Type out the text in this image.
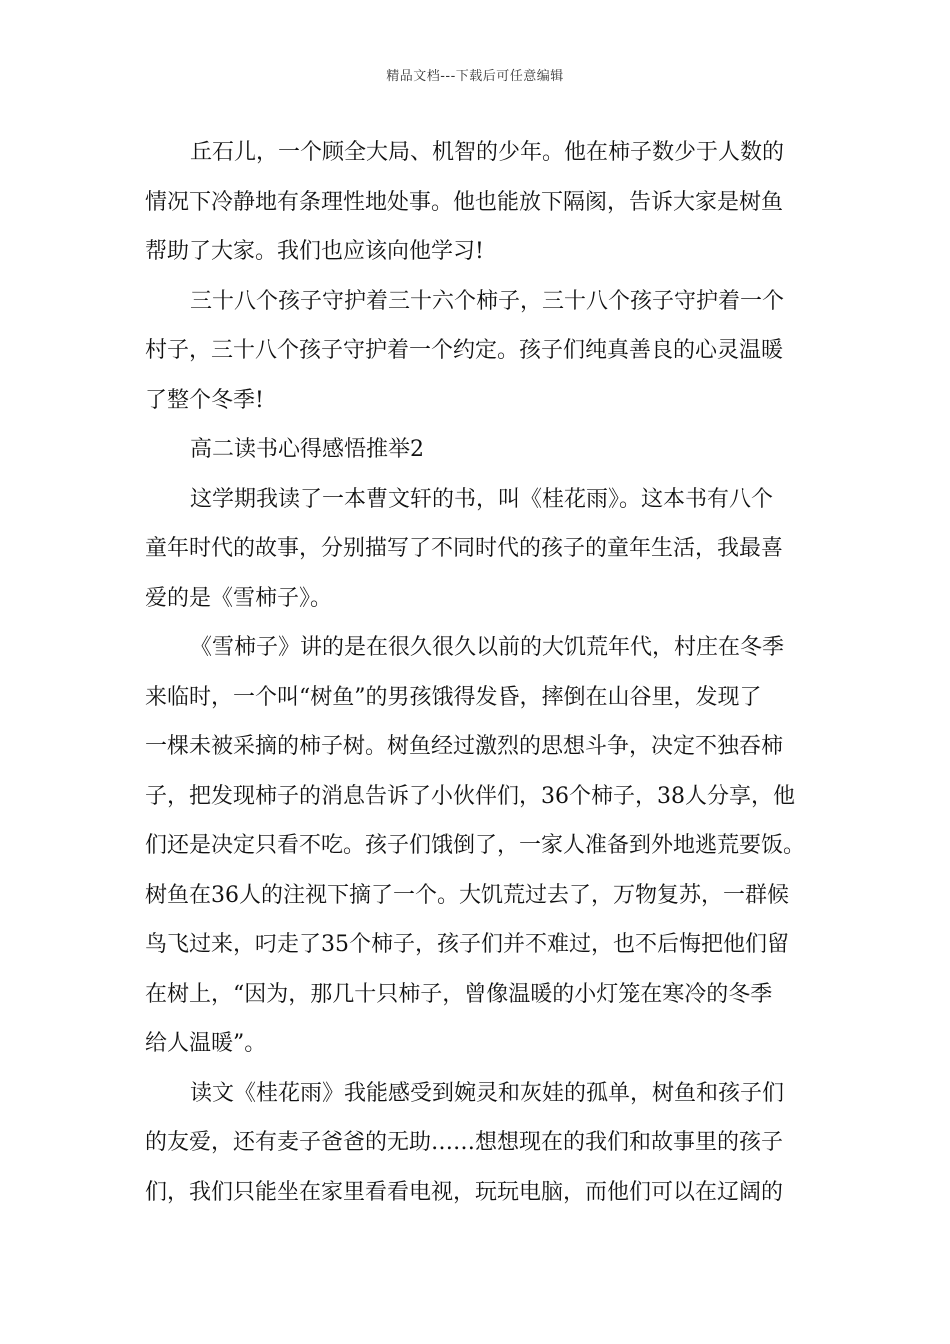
精品文档---下载后可任意编辑
丘石儿，一个顾全大局、机智的少年。他在柿子数少于人数的
情况下冷静地有条理性地处事。他也能放下隔阂，告诉大家是树鱼
帮助了大家。我们也应该向他学习!
三十八个孩子守护着三十六个柿子，三十八个孩子守护着一个
村子，三十八个孩子守护着一个约定。孩子们纯真善良的心灵温暖
了整个冬季!
高二读书心得感悟推举2
这学期我读了一本曹文轩的书，叫《桂花雨》。这本书有八个
童年时代的故事，分别描写了不同时代的孩子的童年生活，我最喜
爱的是《雪柿子》。
《雪柿子》讲的是在很久很久以前的大饥荒年代，村庄在冬季
来临时，一个叫“树鱼”的男孩饿得发昏，摔倒在山谷里，发现了
一棵未被采摘的柿子树。树鱼经过激烈的思想斗争，决定不独吞柿
子，把发现柿子的消息告诉了小伙伴们，36个柿子，38人分享，他
们还是决定只看不吃。孩子们饿倒了，一家人准备到外地逃荒要饭。
树鱼在36人的注视下摘了一个。大饥荒过去了，万物复苏，一群候
鸟飞过来，叼走了35个柿子，孩子们并不难过，也不后悔把他们留
在树上，“因为，那几十只柿子，曾像温暖的小灯笼在寒冷的冬季
给人温暖”。
读文《桂花雨》我能感受到婉灵和灰娃的孤单，树鱼和孩子们
的友爱，还有麦子爸爸的无助……想想现在的我们和故事里的孩子
们，我们只能坐在家里看看电视，玩玩电脑，而他们可以在辽阔的
